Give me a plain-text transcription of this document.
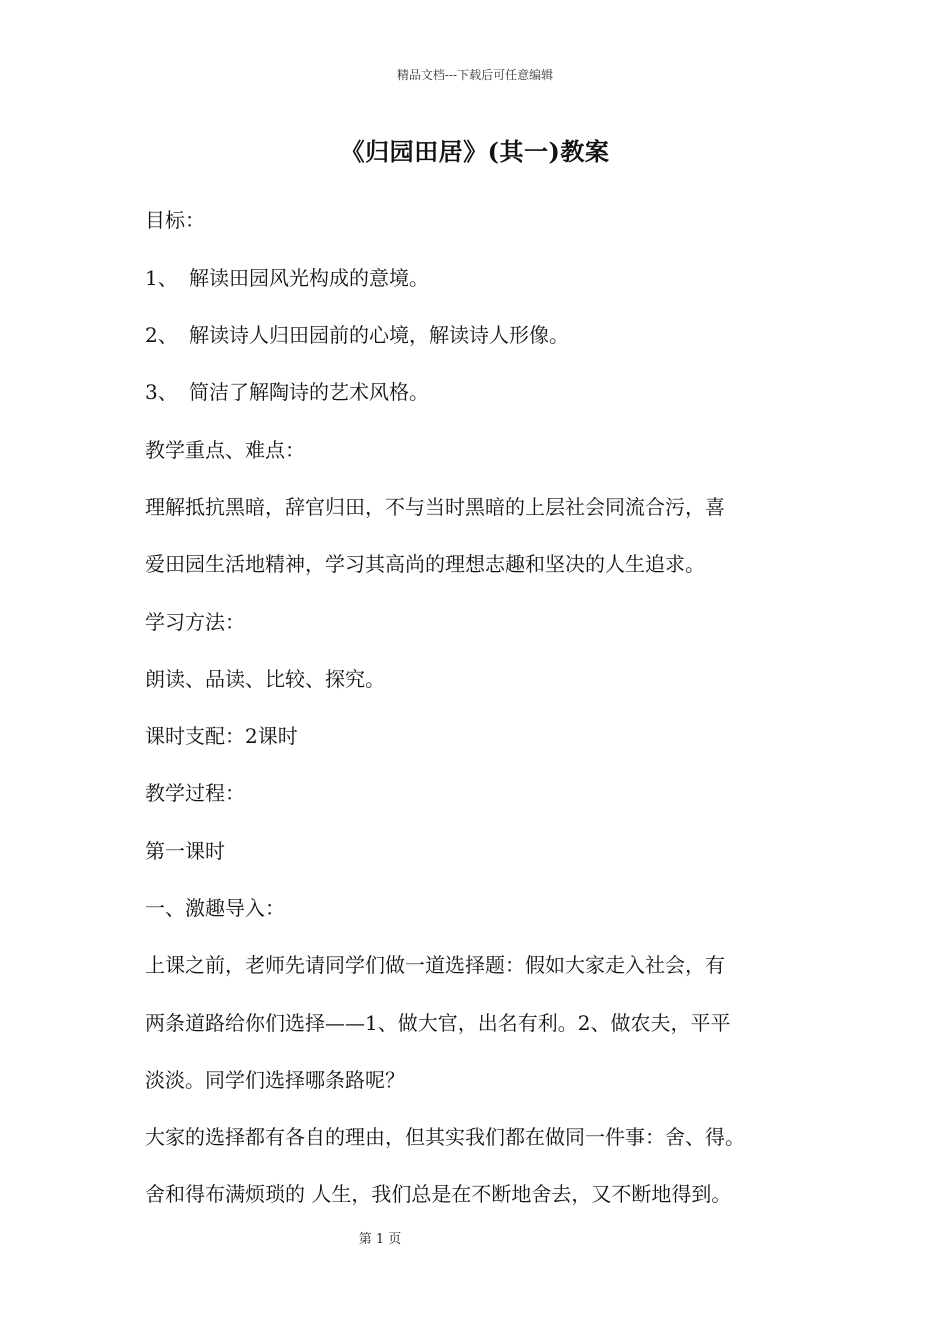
精品文档---下载后可任意编辑
《归园田居》(其一)教案
目标：
1、 解读田园风光构成的意境。
2、 解读诗人归田园前的心境，解读诗人形像。
3、 简洁了解陶诗的艺术风格。
教学重点、难点：
理解抵抗黑暗，辞官归田，不与当时黑暗的上层社会同流合污，喜
爱田园生活地精神，学习其高尚的理想志趣和坚决的人生追求。
学习方法：
朗读、品读、比较、探究。
课时支配：2课时
教学过程：
第一课时
一、激趣导入：
上课之前，老师先请同学们做一道选择题：假如大家走入社会，有
两条道路给你们选择——1、做大官，出名有利。2、做农夫，平平
淡淡。同学们选择哪条路呢？
大家的选择都有各自的理由，但其实我们都在做同一件事：舍、得。
舍和得布满烦琐的 人生，我们总是在不断地舍去，又不断地得到。
第 1 页
